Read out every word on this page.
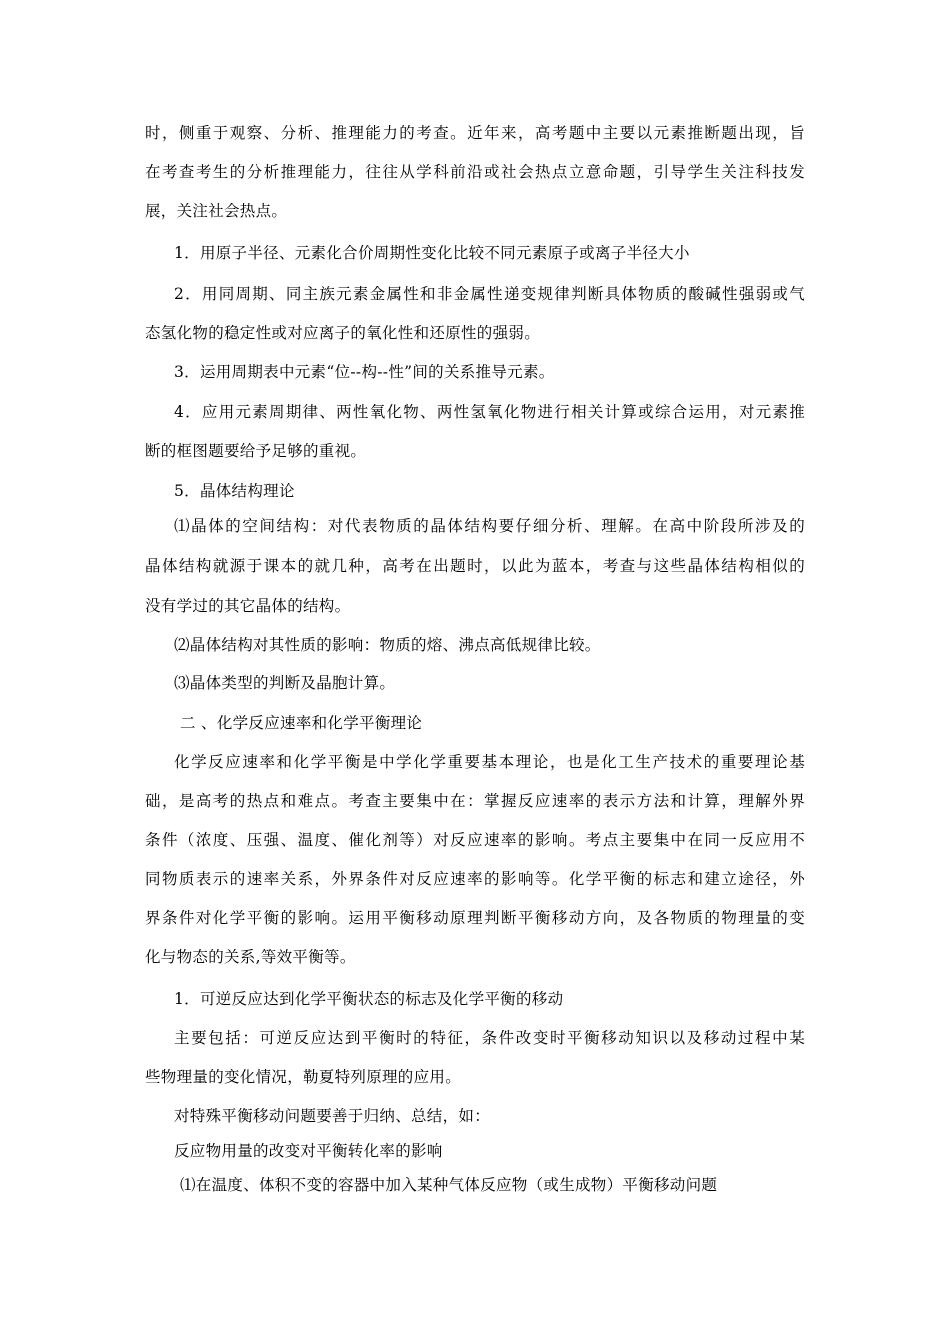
时，侧重于观察、分析、推理能力的考查。近年来，高考题中主要以元素推断题出现，旨
在考查考生的分析推理能力，往往从学科前沿或社会热点立意命题，引导学生关注科技发
展，关注社会热点。
1．用原子半径、元素化合价周期性变化比较不同元素原子或离子半径大小
2．用同周期、同主族元素金属性和非金属性递变规律判断具体物质的酸碱性强弱或气
态氢化物的稳定性或对应离子的氧化性和还原性的强弱。
3．运用周期表中元素“位--构--性”间的关系推导元素。
4．应用元素周期律、两性氧化物、两性氢氧化物进行相关计算或综合运用，对元素推
断的框图题要给予足够的重视。
5．晶体结构理论
⑴晶体的空间结构：对代表物质的晶体结构要仔细分析、理解。在高中阶段所涉及的
晶体结构就源于课本的就几种，高考在出题时，以此为蓝本，考查与这些晶体结构相似的
没有学过的其它晶体的结构。
⑵晶体结构对其性质的影响：物质的熔、沸点高低规律比较。
⑶晶体类型的判断及晶胞计算。
二 、化学反应速率和化学平衡理论
化学反应速率和化学平衡是中学化学重要基本理论，也是化工生产技术的重要理论基
础，是高考的热点和难点。考查主要集中在：掌握反应速率的表示方法和计算，理解外界
条件（浓度、压强、温度、催化剂等）对反应速率的影响。考点主要集中在同一反应用不
同物质表示的速率关系，外界条件对反应速率的影响等。化学平衡的标志和建立途径，外
界条件对化学平衡的影响。运用平衡移动原理判断平衡移动方向，及各物质的物理量的变
化与物态的关系,等效平衡等。
1．可逆反应达到化学平衡状态的标志及化学平衡的移动
主要包括：可逆反应达到平衡时的特征，条件改变时平衡移动知识以及移动过程中某
些物理量的变化情况，勒夏特列原理的应用。
对特殊平衡移动问题要善于归纳、总结，如：
反应物用量的改变对平衡转化率的影响
⑴在温度、体积不变的容器中加入某种气体反应物（或生成物）平衡移动问题
